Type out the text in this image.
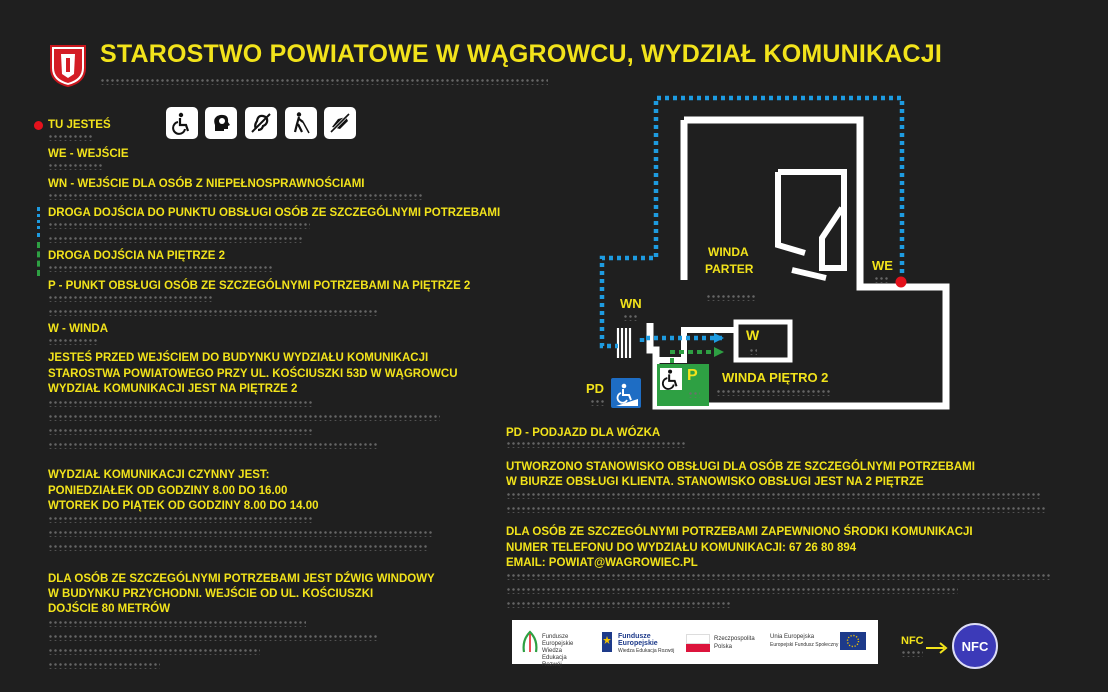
STAROSTWO POWIATOWE W WĄGROWCU, WYDZIAŁ KOMUNIKACJI
TU JESTEŚ
WE - WEJŚCIE
WN - WEJŚCIE DLA OSÓB Z NIEPEŁNOSPRAWNOŚCIAMI
DROGA DOJŚCIA DO PUNKTU OBSŁUGI OSÓB ZE SZCZEGÓLNYMI POTRZEBAMI
DROGA DOJŚCIA NA PIĘTRZE 2
P - PUNKT OBSŁUGI OSÓB ZE SZCZEGÓLNYMI POTRZEBAMI NA PIĘTRZE 2
W - WINDA
JESTEŚ PRZED WEJŚCIEM DO BUDYNKU WYDZIAŁU KOMUNIKACJI
STAROSTWA POWIATOWEGO PRZY UL. KOŚCIUSZKI 53D W WĄGROWCU
WYDZIAŁ KOMUNIKACJI JEST NA PIĘTRZE 2
WYDZIAŁ KOMUNIKACJI CZYNNY JEST:
PONIEDZIAŁEK OD GODZINY 8.00 DO 16.00
WTOREK DO PIĄTEK OD GODZINY 8.00 DO 14.00
DLA OSÓB ZE SZCZEGÓLNYMI POTRZEBAMI JEST DŹWIG WINDOWY
W BUDYNKU PRZYCHODNI. WEJŚCIE OD UL. KOŚCIUSZKI
DOJŚCIE 80 METRÓW
WINDA
PARTER	WE
WN
W
P
PD
WINDA PIĘTRO 2
PD - PODJAZD DLA WÓZKA
UTWORZONO STANOWISKO OBSŁUGI DLA OSÓB ZE SZCZEGÓLNYMI POTRZEBAMI
W BIURZE OBSŁUGI KLIENTA. STANOWISKO OBSŁUGI JEST NA 2 PIĘTRZE
DLA OSÓB ZE SZCZEGÓLNYMI POTRZEBAMI ZAPEWNIONO ŚRODKI KOMUNIKACJI
NUMER TELEFONU DO WYDZIAŁU KOMUNIKACJI: 67 26 80 894
EMAIL: POWIAT@WAGROWIEC.PL
Fundusze Europejskie Wiedza Edukacja Rozwój
Fundusze
Europejskie
Wiedza Edukacja Rozwój
Rzeczpospolita
Polska
Unia Europejska
Europejski Fundusz Społeczny	NFC	NFC
